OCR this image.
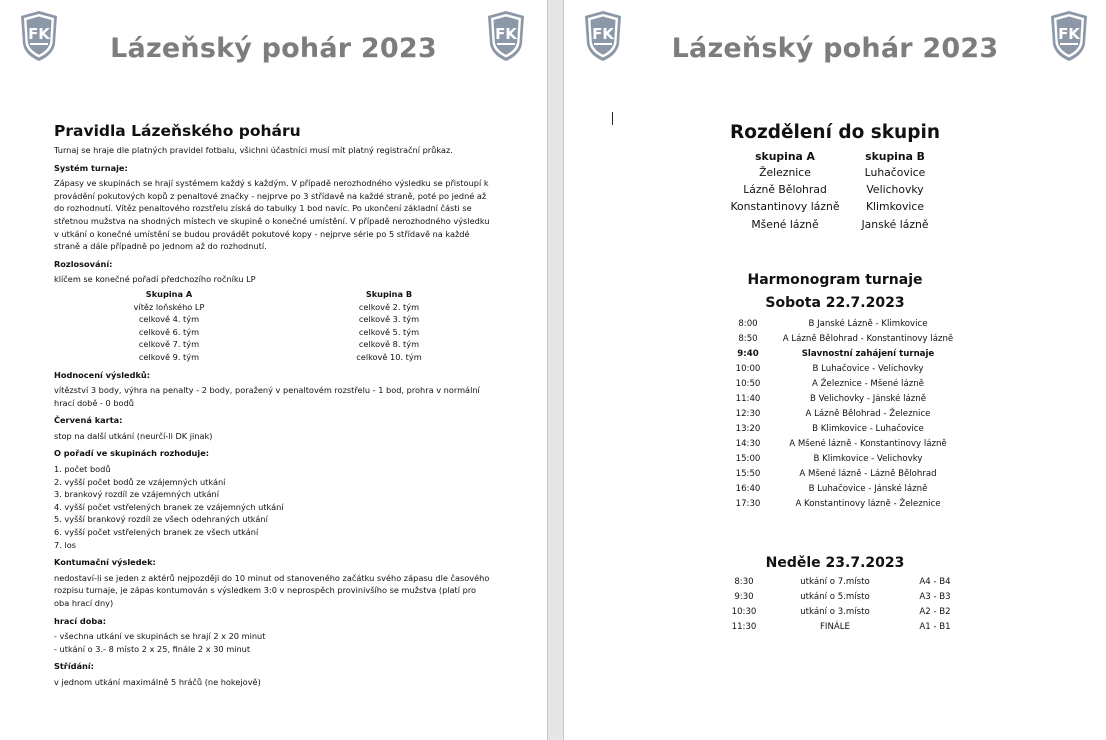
FK	FK
Lázeňský pohár 2023
Pravidla Lázeňského poháru
Turnaj se hraje dle platných pravidel fotbalu, všichni účastníci musí mít platný registrační průkaz.
Systém turnaje:
Zápasy ve skupinách se hrají systémem každý s každým. V případě nerozhodného výsledku se přistoupí k
provádění pokutových kopů z penaltové značky - nejprve po 3 střídavě na každé straně, poté po jedné až
do rozhodnutí. Vítěz penaltového rozstřelu získá do tabulky 1 bod navíc. Po ukončení základní části se
střetnou mužstva na shodných místech ve skupině o konečné umístění. V případě nerozhodného výsledku
v utkání o konečné umístění se budou provádět pokutové kopy - nejprve série po 5 střídavě na každé
straně a dále případně po jednom až do rozhodnutí.
Rozlosování:
klíčem se konečné pořadí předchozího ročníku LP
Skupina A	Skupina B
vítěz loňského LP	celkově 2. tým
celkově 4. tým	celkově 3. tým
celkově 6. tým	celkově 5. tým
celkově 7. tým	celkově 8. tým
celkově 9. tým	celkově 10. tým
Hodnocení výsledků:
vítězství 3 body, výhra na penalty - 2 body, poražený v penaltovém rozstřelu - 1 bod, prohra v normální
hrací době - 0 bodů
Červená karta:
stop na další utkání (neurčí-li DK jinak)
O pořadí ve skupinách rozhoduje:
1. počet bodů
2. vyšší počet bodů ze vzájemných utkání
3. brankový rozdíl ze vzájemných utkání
4. vyšší počet vstřelených branek ze vzájemných utkání
5. vyšší brankový rozdíl ze všech odehraných utkání
6. vyšší počet vstřelených branek ze všech utkání
7. los
Kontumační výsledek:
nedostaví-li se jeden z aktérů nejpozději do 10 minut od stanoveného začátku svého zápasu dle časového
rozpisu turnaje, je zápas kontumován s výsledkem 3:0 v neprospěch provinivšího se mužstva (platí pro
oba hrací dny)
hrací doba:
- všechna utkání ve skupinách se hrají 2 x 20 minut
- utkání o 3.- 8 místo 2 x 25, finále 2 x 30 minut
Střídání:
v jednom utkání maximálně 5 hráčů (ne hokejově)
FK	FK
Lázeňský pohár 2023
Rozdělení do skupin
skupina A	skupina B
Železnice	Luhačovice
Lázně Bělohrad	Velichovky
Konstantinovy lázně	Klimkovice
Mšené lázně	Janské lázně
Harmonogram turnaje
Sobota 22.7.2023
8:00	B Janské Lázně - Klimkovice
8:50	A Lázně Bělohrad - Konstantinovy lázně
9:40	Slavnostní zahájení turnaje
10:00	B Luhačovice - Velichovky
10:50	A Železnice - Mšené lázně
11:40	B Velichovky - Jánské lázně
12:30	A Lázně Bělohrad - Železnice
13:20	B Klimkovice - Luhačovice
14:30	A Mšené lázně - Konstantinovy lázně
15:00	B Klimkovice - Velichovky
15:50	A Mšené lázně - Lázně Bělohrad
16:40	B Luhačovice - Jánské lázně
17:30	A Konstantinovy lázně - Železnice
Neděle 23.7.2023
8:30	utkání o 7.místo	A4 - B4
9:30	utkání o 5.místo	A3 - B3
10:30	utkání o 3.místo	A2 - B2
11:30	FINÁLE	A1 - B1
